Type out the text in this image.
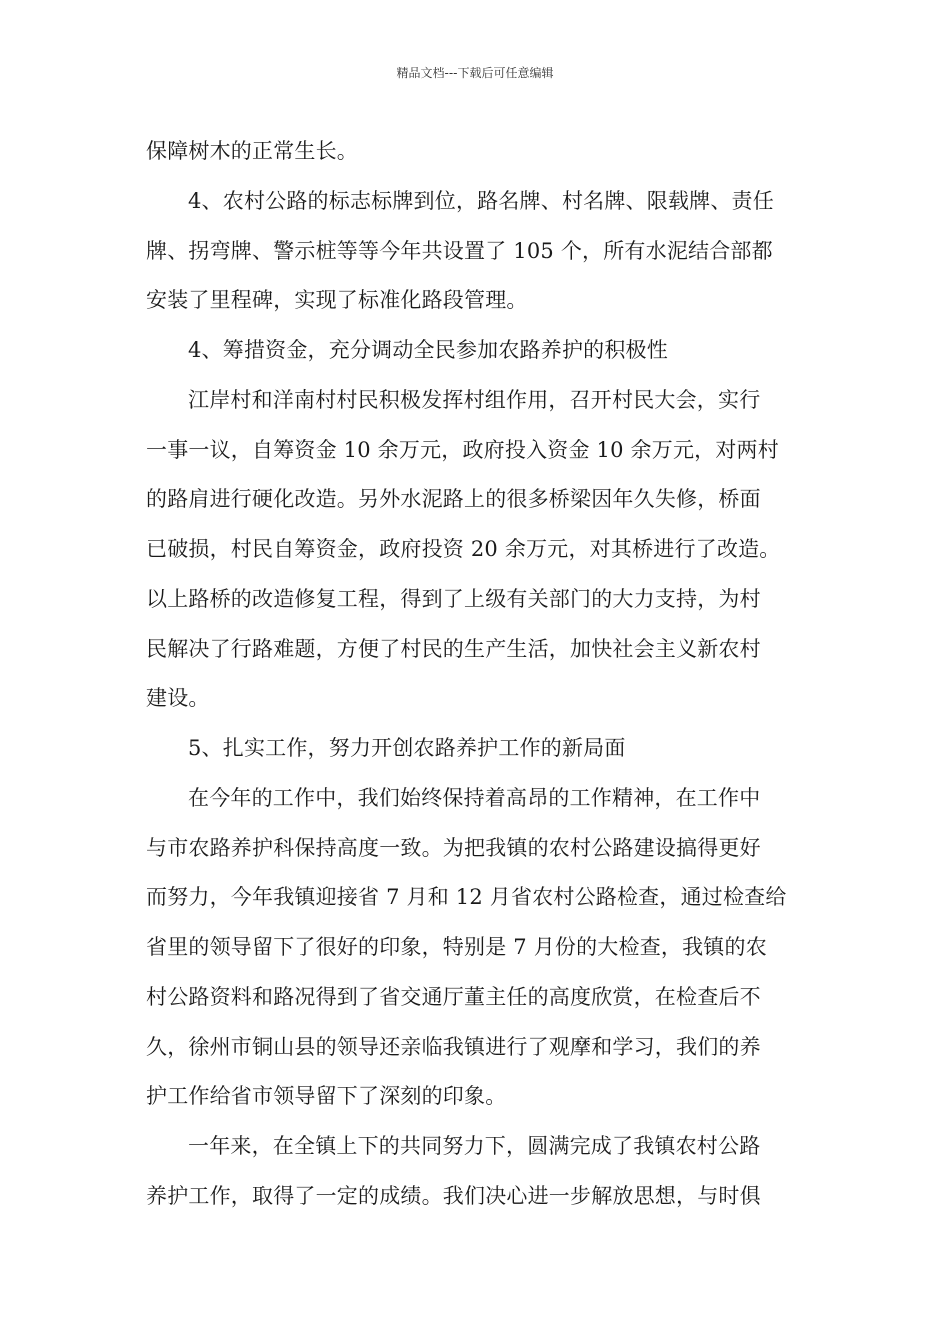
精品文档---下载后可任意编辑
保障树木的正常生长。
4、农村公路的标志标牌到位，路名牌、村名牌、限载牌、责任
牌、拐弯牌、警示桩等等今年共设置了 105 个，所有水泥结合部都
安装了里程碑，实现了标准化路段管理。
4、筹措资金，充分调动全民参加农路养护的积极性
江岸村和洋南村村民积极发挥村组作用，召开村民大会，实行
一事一议，自筹资金 10 余万元，政府投入资金 10 余万元，对两村
的路肩进行硬化改造。另外水泥路上的很多桥梁因年久失修，桥面
已破损，村民自筹资金，政府投资 20 余万元，对其桥进行了改造。
以上路桥的改造修复工程，得到了上级有关部门的大力支持，为村
民解决了行路难题，方便了村民的生产生活，加快社会主义新农村
建设。
5、扎实工作，努力开创农路养护工作的新局面
在今年的工作中，我们始终保持着高昂的工作精神，在工作中
与市农路养护科保持高度一致。为把我镇的农村公路建设搞得更好
而努力，今年我镇迎接省 7 月和 12 月省农村公路检查，通过检查给
省里的领导留下了很好的印象，特别是 7 月份的大检查，我镇的农
村公路资料和路况得到了省交通厅董主任的高度欣赏，在检查后不
久，徐州市铜山县的领导还亲临我镇进行了观摩和学习，我们的养
护工作给省市领导留下了深刻的印象。
一年来，在全镇上下的共同努力下，圆满完成了我镇农村公路
养护工作，取得了一定的成绩。我们决心进一步解放思想，与时俱
